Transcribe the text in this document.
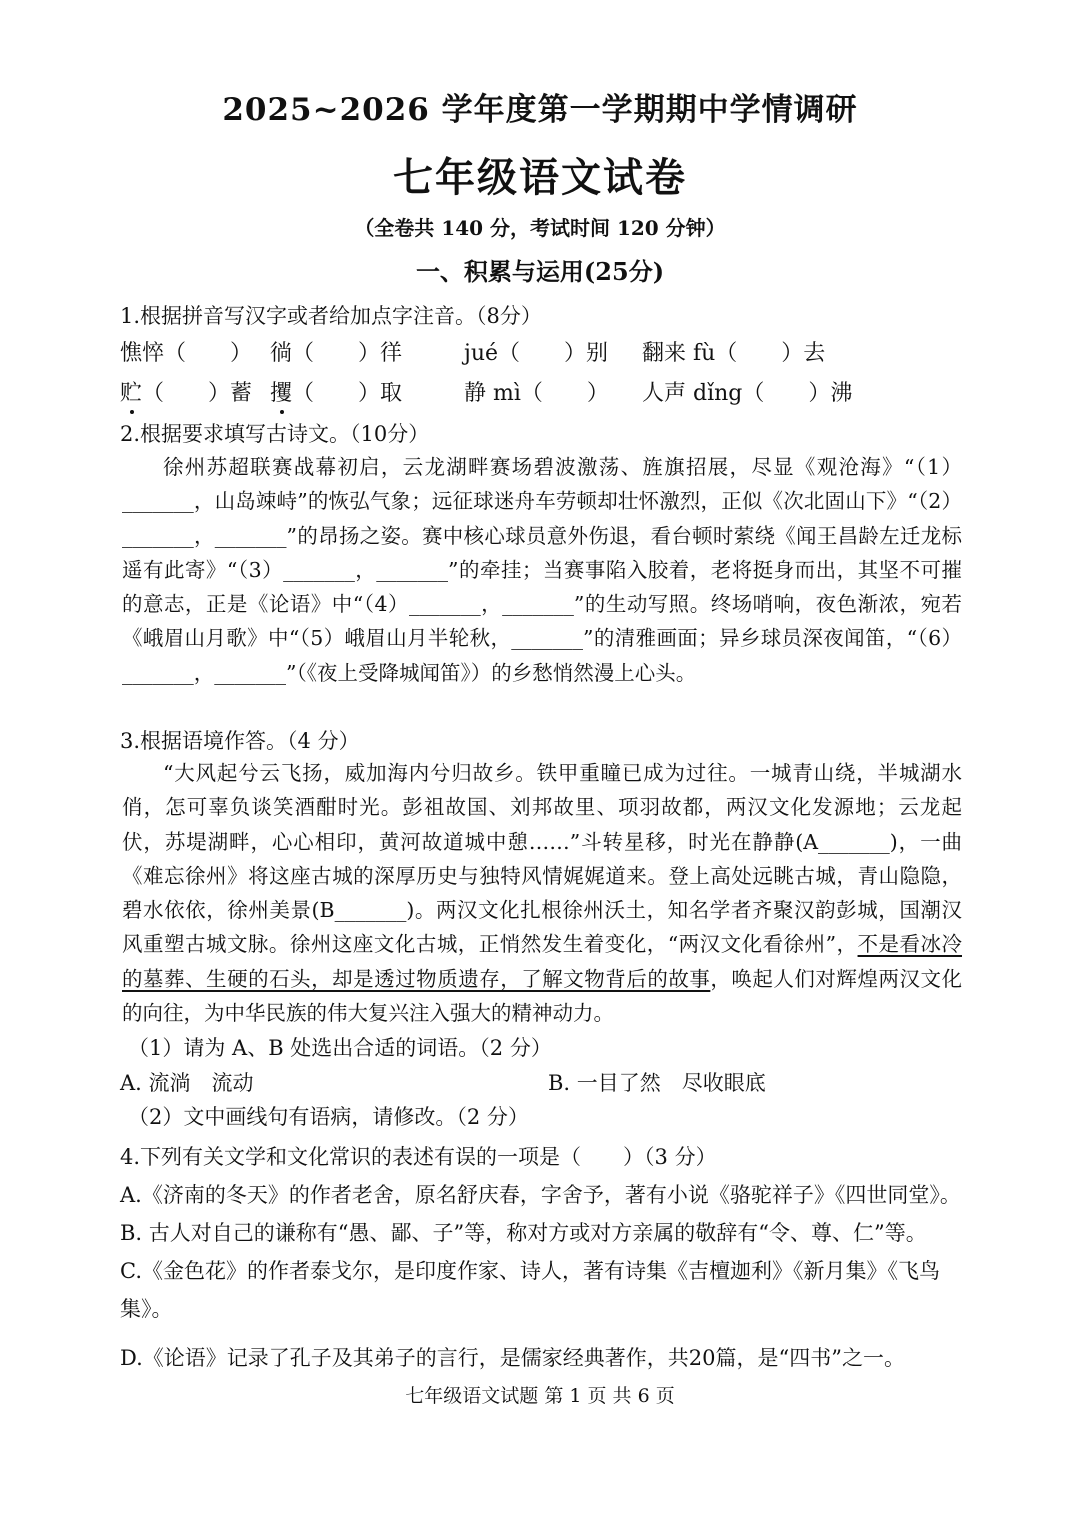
2025~2026 学年度第一学期期中学情调研
七年级语文试卷
（全卷共 140 分，考试时间 120 分钟）
一、积累与运用(25分)
1.根据拼音写汉字或者给加点字注音。（8分）
憔悴（　　） 徜（　　）徉	jué（　　）别 翻来 fù（　　）去
贮（　　）蓄 攫（　　）取	静 mì（　　） 人声 dǐng（　　）沸
2.根据要求填写古诗文。（10分）

徐州苏超联赛战幕初启，云龙湖畔赛场碧波激荡、旌旗招展，尽显《观沧海》“（1）_______，山岛竦峙”的恢弘气象；远征球迷舟车劳顿却壮怀激烈，正似《次北固山下》“（2）_______，_______”的昂扬之姿。赛中核心球员意外伤退，看台顿时萦绕《闻王昌龄左迁龙标遥有此寄》“（3）_______，_______”的牵挂；当赛事陷入胶着，老将挺身而出，其坚不可摧的意志，正是《论语》中“（4）_______，_______”的生动写照。终场哨响，夜色渐浓，宛若《峨眉山月歌》中“（5）峨眉山月半轮秋，_______”的清雅画面；异乡球员深夜闻笛，“（6）_______，_______”（《夜上受降城闻笛》）的乡愁悄然漫上心头。

3.根据语境作答。（4 分）

“大风起兮云飞扬，威加海内兮归故乡。铁甲重瞳已成为过往。一城青山绕，半城湖水俏，怎可辜负谈笑酒酣时光。彭祖故国、刘邦故里、项羽故都，两汉文化发源地；云龙起伏，苏堤湖畔，心心相印，黄河故道城中憩……”斗转星移，时光在静静(A_______)，一曲《难忘徐州》将这座古城的深厚历史与独特风情娓娓道来。登上高处远眺古城，青山隐隐，碧水依依，徐州美景(B_______)。两汉文化扎根徐州沃土，知名学者齐聚汉韵彭城，国潮汉风重塑古城文脉。徐州这座文化古城，正悄然发生着变化，“两汉文化看徐州”，不是看冰冷的墓葬、生硬的石头，却是透过物质遗存，了解文物背后的故事，唤起人们对辉煌两汉文化的向往，为中华民族的伟大复兴注入强大的精神动力。

（1）请为 A、B 处选出合适的词语。（2 分）
A. 流淌　流动	B. 一目了然　尽收眼底
（2）文中画线句有语病，请修改。（2 分）
4.下列有关文学和文化常识的表述有误的一项是（　　）（3 分）
A.《济南的冬天》的作者老舍，原名舒庆春，字舍予，著有小说《骆驼祥子》《四世同堂》。
B. 古人对自己的谦称有“愚、鄙、子”等，称对方或对方亲属的敬辞有“令、尊、仁”等。
C.《金色花》的作者泰戈尔，是印度作家、诗人，著有诗集《吉檀迦利》《新月集》《飞鸟集》。
D.《论语》记录了孔子及其弟子的言行，是儒家经典著作，共20篇，是“四书”之一。
七年级语文试题 第 1 页 共 6 页
